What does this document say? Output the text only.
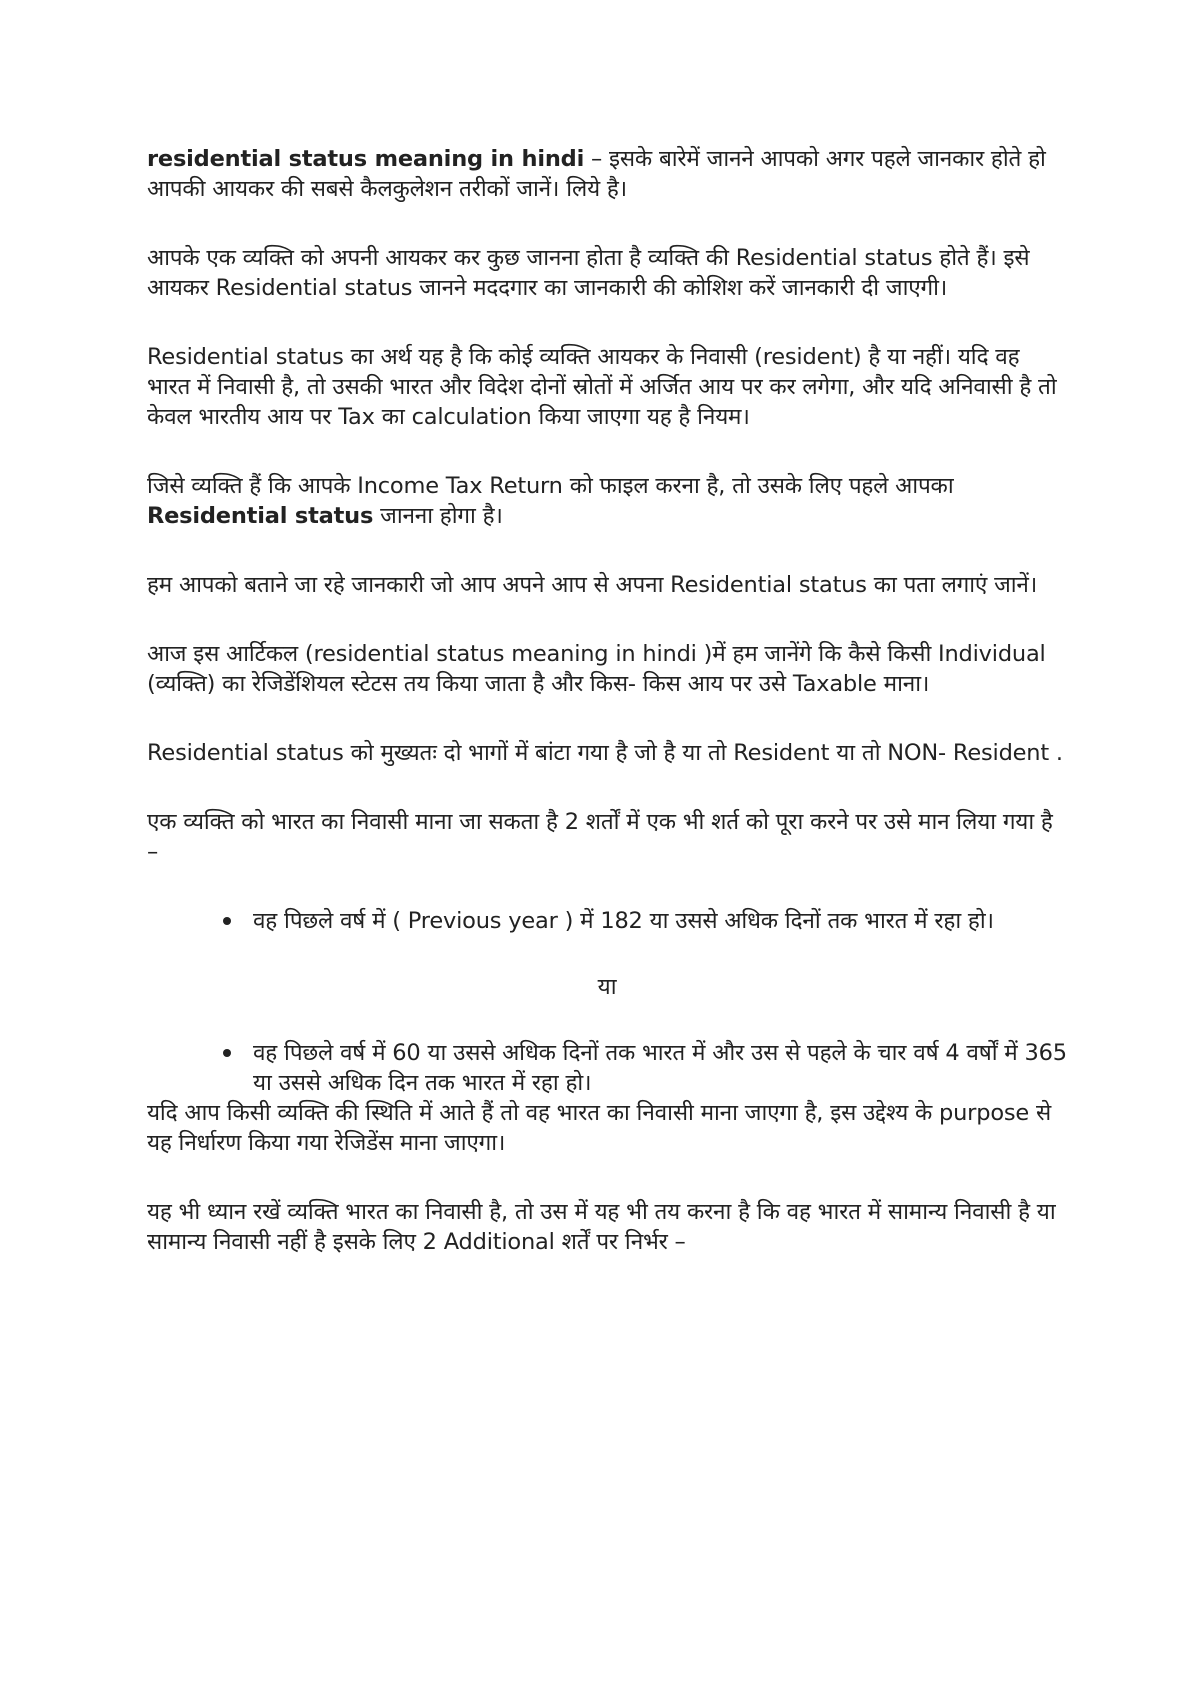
residential status meaning in hindi – इसके बारेमें जानने आपको अगर पहले जानकार होते हो आपकी आयकर की सबसे कैलकुलेशन तरीकों जानें। लिये है।

आपके एक व्यक्ति को अपनी आयकर कर कुछ जानना होता है व्यक्ति की Residential status होते हैं। इसे आयकर Residential status जानने मददगार का जानकारी की कोशिश करें जानकारी दी जाएगी।

Residential status का अर्थ यह है कि कोई व्यक्ति आयकर के निवासी (resident) है या नहीं। यदि वह भारत में निवासी है, तो उसकी भारत और विदेश दोनों स्रोतों में अर्जित आय पर कर लगेगा, और यदि अनिवासी है तो केवल भारतीय आय पर Tax का calculation किया जाएगा यह है नियम।

जिसे व्यक्ति हैं कि आपके Income Tax Return को फाइल करना है, तो उसके लिए पहले आपका Residential status जानना होगा है।

हम आपको बताने जा रहे जानकारी जो आप अपने आप से अपना Residential status का पता लगाएं जानें।

आज इस आर्टिकल (residential status meaning in hindi )में हम जानेंगे कि कैसे किसी Individual (व्यक्ति) का रेजिडेंशियल स्टेटस तय किया जाता है और किस- किस आय पर उसे Taxable माना।

Residential status को मुख्यतः दो भागों में बांटा गया है जो है या तो Resident या तो NON- Resident .

एक व्यक्ति को भारत का निवासी माना जा सकता है 2 शर्तों में एक भी शर्त को पूरा करने पर उसे मान लिया गया है –

वह पिछले वर्ष में ( Previous year ) में 182 या उससे अधिक दिनों तक भारत में रहा हो।
या
वह पिछले वर्ष में 60 या उससे अधिक दिनों तक भारत में और उस से पहले के चार वर्ष 4 वर्षों में 365 या उससे अधिक दिन तक भारत में रहा हो।

यदि आप किसी व्यक्ति की स्थिति में आते हैं तो वह भारत का निवासी माना जाएगा है, इस उद्देश्य के purpose से यह निर्धारण किया गया रेजिडेंस माना जाएगा।

यह भी ध्यान रखें व्यक्ति भारत का निवासी है, तो उस में यह भी तय करना है कि वह भारत में सामान्य निवासी है या सामान्य निवासी नहीं है इसके लिए 2 Additional शर्तें पर निर्भर –
